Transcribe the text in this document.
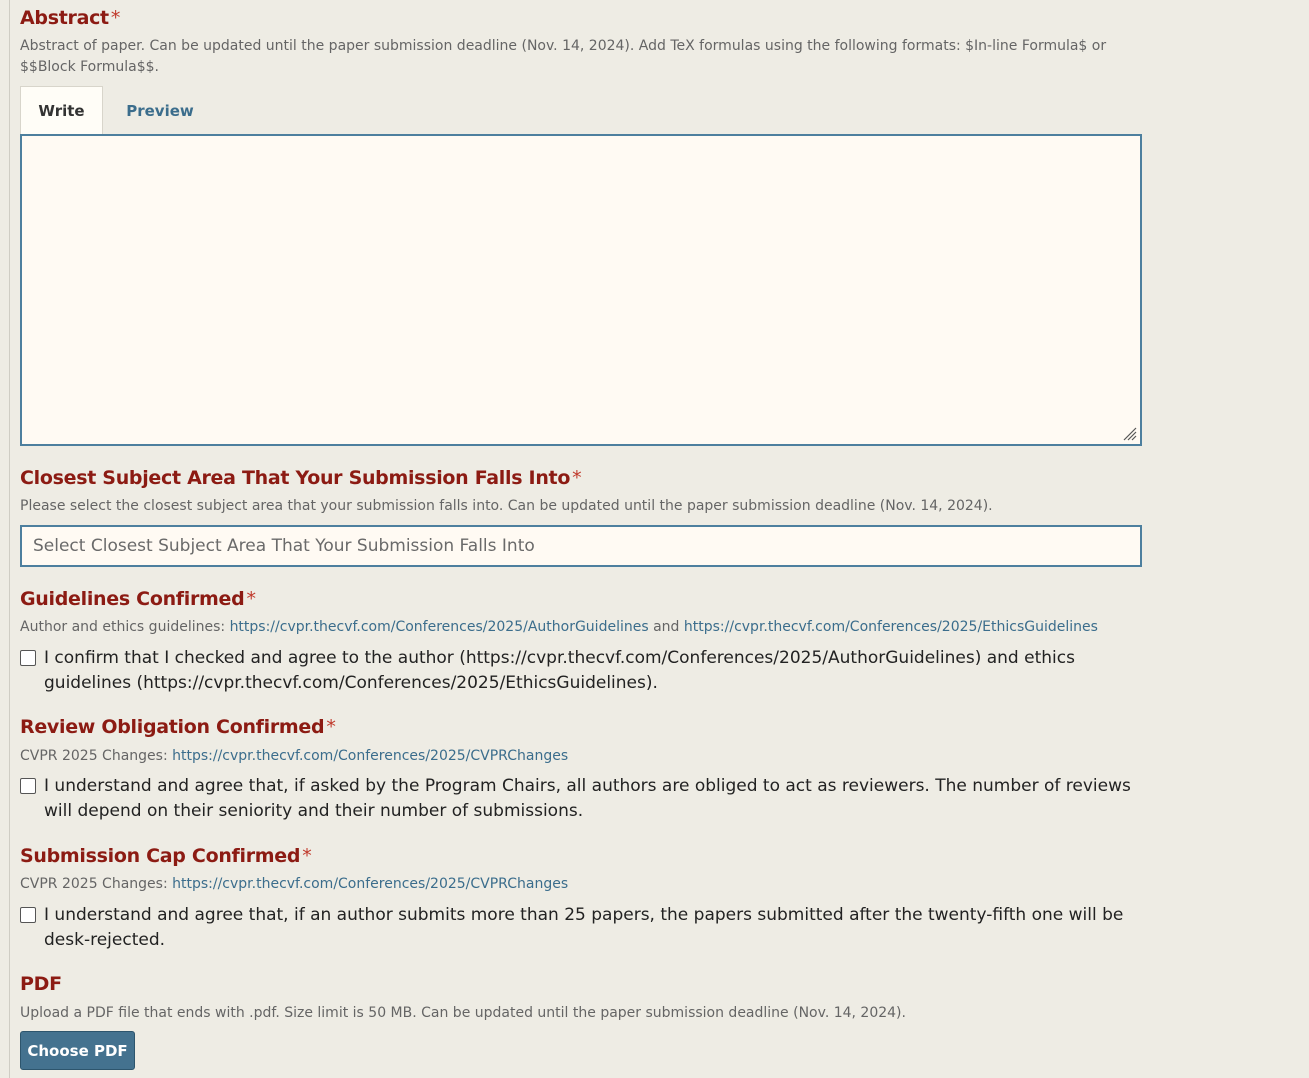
Abstract *

Abstract of paper. Can be updated until the paper submission deadline (Nov. 14, 2024). Add TeX formulas using the following formats: $In-line Formula$ or $$Block Formula$$.

Write	Preview
Closest Subject Area That Your Submission Falls Into *

Please select the closest subject area that your submission falls into. Can be updated until the paper submission deadline (Nov. 14, 2024).

Select Closest Subject Area That Your Submission Falls Into
Guidelines Confirmed *

Author and ethics guidelines: https://cvpr.thecvf.com/Conferences/2025/AuthorGuidelines and https://cvpr.thecvf.com/Conferences/2025/EthicsGuidelines

I confirm that I checked and agree to the author (https://cvpr.thecvf.com/Conferences/2025/AuthorGuidelines) and ethics guidelines (https://cvpr.thecvf.com/Conferences/2025/EthicsGuidelines).
Review Obligation Confirmed *

CVPR 2025 Changes: https://cvpr.thecvf.com/Conferences/2025/CVPRChanges

I understand and agree that, if asked by the Program Chairs, all authors are obliged to act as reviewers. The number of reviews will depend on their seniority and their number of submissions.
Submission Cap Confirmed *

CVPR 2025 Changes: https://cvpr.thecvf.com/Conferences/2025/CVPRChanges

I understand and agree that, if an author submits more than 25 papers, the papers submitted after the twenty-fifth one will be desk-rejected.
PDF

Upload a PDF file that ends with .pdf. Size limit is 50 MB. Can be updated until the paper submission deadline (Nov. 14, 2024).

Choose PDF
